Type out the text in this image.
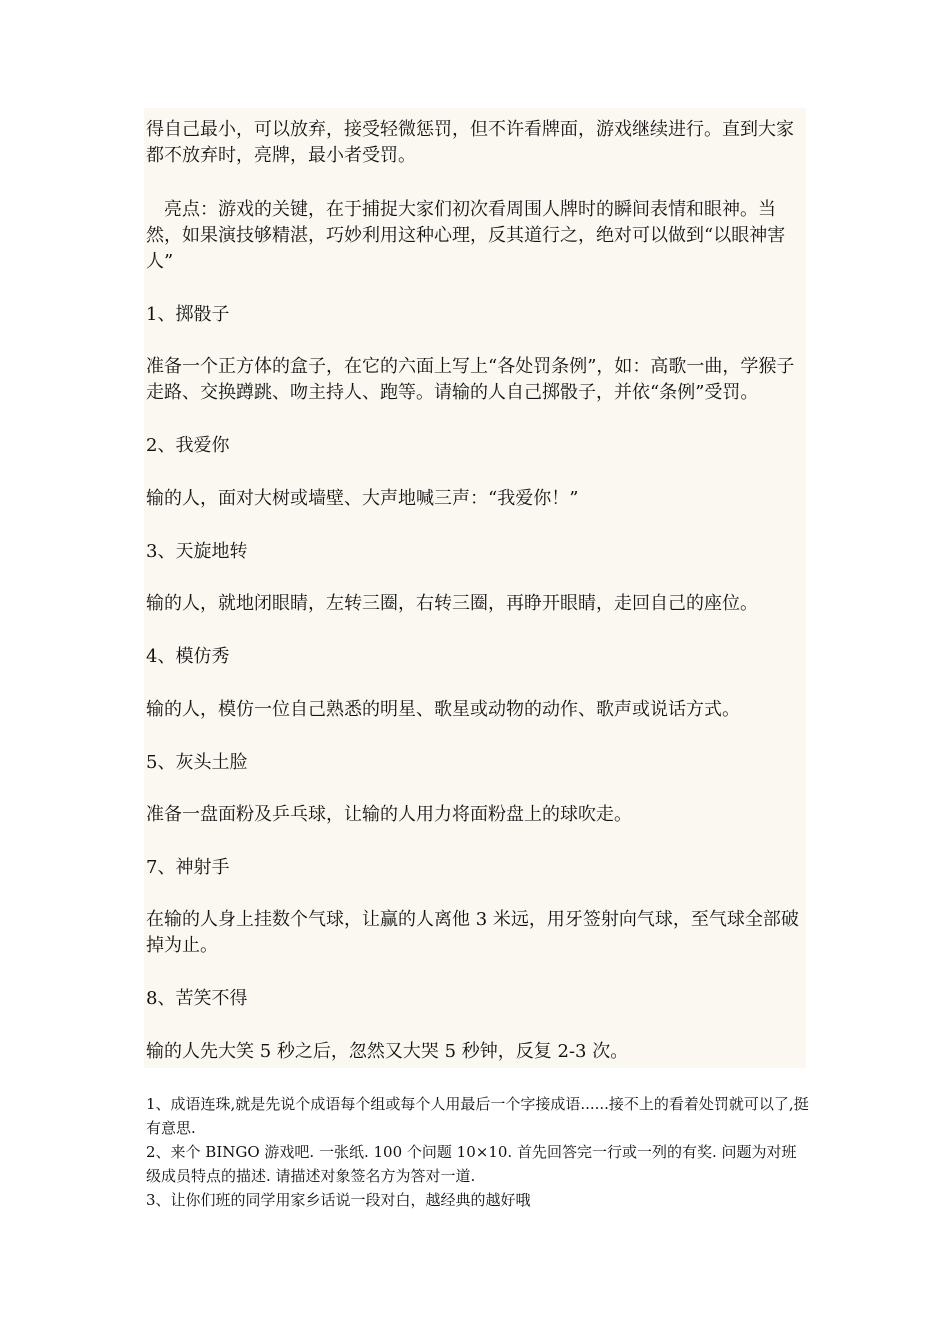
得自己最小，可以放弃，接受轻微惩罚，但不许看牌面，游戏继续进行。直到大家都不放弃时，亮牌，最小者受罚。

亮点：游戏的关键，在于捕捉大家们初次看周围人牌时的瞬间表情和眼神。当然，如果演技够精湛，巧妙利用这种心理，反其道行之，绝对可以做到“以眼神害人”

1、掷骰子

准备一个正方体的盒子，在它的六面上写上“各处罚条例”，如：高歌一曲，学猴子走路、交换蹲跳、吻主持人、跑等。请输的人自己掷骰子，并依“条例”受罚。

2、我爱你

输的人，面对大树或墙壁、大声地喊三声：“我爱你！”

3、天旋地转

输的人，就地闭眼睛，左转三圈，右转三圈，再睁开眼睛，走回自己的座位。

4、模仿秀

输的人，模仿一位自己熟悉的明星、歌星或动物的动作、歌声或说话方式。

5、灰头土脸

准备一盘面粉及乒乓球，让输的人用力将面粉盘上的球吹走。

7、神射手

在输的人身上挂数个气球，让赢的人离他 3 米远，用牙签射向气球，至气球全部破掉为止。

8、苦笑不得

输的人先大笑 5 秒之后，忽然又大哭 5 秒钟，反复 2-3 次。

1、成语连珠,就是先说个成语每个组或每个人用最后一个字接成语......接不上的看着处罚就可以了,挺有意思.

2、来个 BINGO 游戏吧. 一张纸. 100 个问题 10×10. 首先回答完一行或一列的有奖. 问题为对班级成员特点的描述. 请描述对象签名方为答对一道.

3、让你们班的同学用家乡话说一段对白，越经典的越好哦
